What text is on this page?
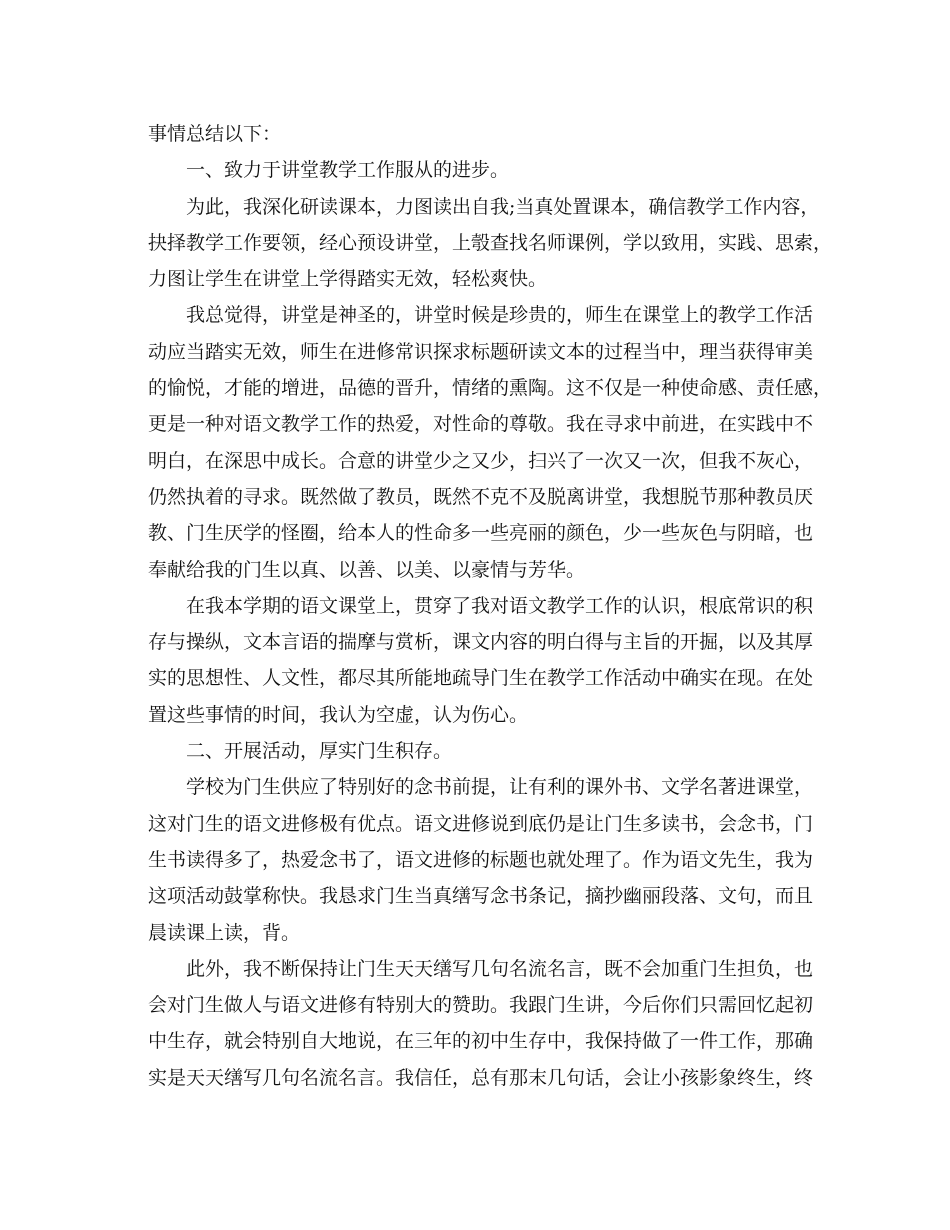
事情总结以下：
一、致力于讲堂教学工作服从的进步。
为此，我深化研读课本，力图读出自我;当真处置课本，确信教学工作内容，
抉择教学工作要领，经心预设讲堂，上彀查找名师课例，学以致用，实践、思索，
力图让学生在讲堂上学得踏实无效，轻松爽快。
我总觉得，讲堂是神圣的，讲堂时候是珍贵的，师生在课堂上的教学工作活
动应当踏实无效，师生在进修常识探求标题研读文本的过程当中，理当获得审美
的愉悦，才能的增进，品德的晋升，情绪的熏陶。这不仅是一种使命感、责任感，
更是一种对语文教学工作的热爱，对性命的尊敬。我在寻求中前进，在实践中不
明白，在深思中成长。合意的讲堂少之又少，扫兴了一次又一次，但我不灰心，
仍然执着的寻求。既然做了教员，既然不克不及脱离讲堂，我想脱节那种教员厌
教、门生厌学的怪圈，给本人的性命多一些亮丽的颜色，少一些灰色与阴暗，也
奉献给我的门生以真、以善、以美、以豪情与芳华。
在我本学期的语文课堂上，贯穿了我对语文教学工作的认识，根底常识的积
存与操纵，文本言语的揣摩与赏析，课文内容的明白得与主旨的开掘，以及其厚
实的思想性、人文性，都尽其所能地疏导门生在教学工作活动中确实在现。在处
置这些事情的时间，我认为空虚，认为伤心。
二、开展活动，厚实门生积存。
学校为门生供应了特别好的念书前提，让有利的课外书、文学名著进课堂，
这对门生的语文进修极有优点。语文进修说到底仍是让门生多读书，会念书，门
生书读得多了，热爱念书了，语文进修的标题也就处理了。作为语文先生，我为
这项活动鼓掌称快。我恳求门生当真缮写念书条记，摘抄幽丽段落、文句，而且
晨读课上读，背。
此外，我不断保持让门生天天缮写几句名流名言，既不会加重门生担负，也
会对门生做人与语文进修有特别大的赞助。我跟门生讲，今后你们只需回忆起初
中生存，就会特别自大地说，在三年的初中生存中，我保持做了一件工作，那确
实是天天缮写几句名流名言。我信任，总有那末几句话，会让小孩影象终生，终
